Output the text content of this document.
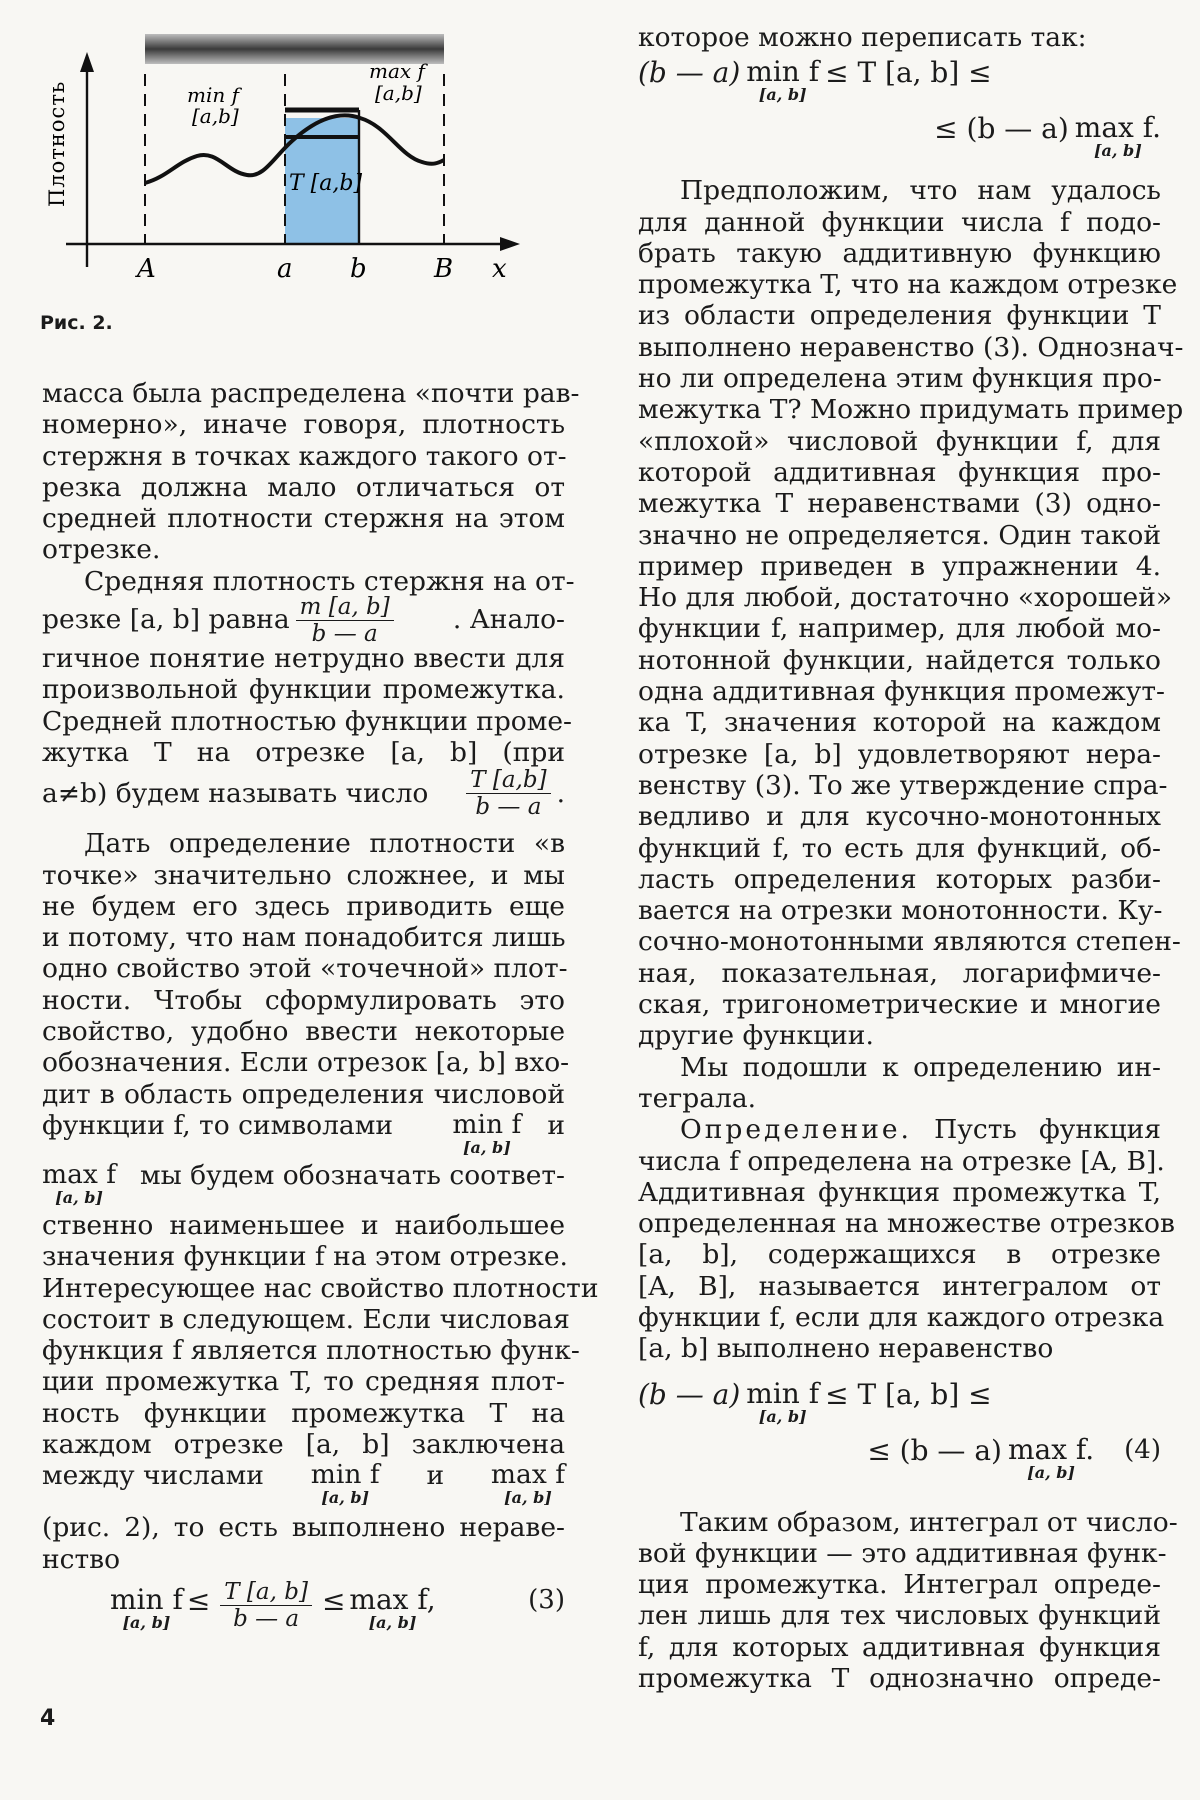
Плотность	min f
[a,b]
max f
[a,b]
T [a,b]
A	a b	B x
Рис. 2.
масса была распределена «почти рав-
номерно», иначе говоря, плотность
стержня в точках каждого такого от-
резка должна мало отличаться от
средней плотности стержня на этом
отрезке.
Средняя плотность стержня на от-
резке [a, b] равна $\frac{m [a, b]}{b — a}$ . Анало-
гичное понятие нетрудно ввести для
произвольной функции промежутка.
Средней плотностью функции проме-
жутка T на отрезке [a, b] (при
a≠b) будем называть число $\frac{T [a,b]}{b — a}$ .
Дать определение плотности «в
точке» значительно сложнее, и мы
не будем его здесь приводить еще
и потому, что нам понадобится лишь
одно свойство этой «точечной» плот-
ности. Чтобы сформулировать это
свойство, удобно ввести некоторые
обозначения. Если отрезок [a, b] вхо-
дит в область определения числовой
функции f, то символами min f
[a, b]
и
max f
[a, b]
мы будем обозначать соответ-
ственно наименьшее и наибольшее
значения функции f на этом отрезке.
Интересующее нас свойство плотности
состоит в следующем. Если числовая
функция f является плотностью функ-
ции промежутка T, то средняя плот-
ность функции промежутка T на
каждом отрезке [a, b] заключена
между числами min f
[a, b]
и max f
[a, b]
(рис. 2), то есть выполнено нераве-
нство
min f
[a, b]
≤ $\frac{T [a, b]}{b — a} \le \max f$,
[a, b]
(3)
которое можно переписать так:
(b — a) min f
[a, b]
≤ T [a, b] ≤
≤ (b — a) max f.
[a, b]
Предположим, что нам удалось
для данной функции числа f подо-
брать такую аддитивную функцию
промежутка T, что на каждом отрезке
из области определения функции T
выполнено неравенство (3). Однознач-
но ли определена этим функция про-
межутка T? Можно придумать пример
«плохой» числовой функции f, для
которой аддитивная функция про-
межутка T неравенствами (3) одно-
значно не определяется. Один такой
пример приведен в упражнении 4.
Но для любой, достаточно «хорошей»
функции f, например, для любой мо-
нотонной функции, найдется только
одна аддитивная функция промежут-
ка T, значения которой на каждом
отрезке [a, b] удовлетворяют нера-
венству (3). То же утверждение спра-
ведливо и для кусочно-монотонных
функций f, то есть для функций, об-
ласть определения которых разби-
вается на отрезки монотонности. Ку-
сочно-монотонными являются степен-
ная, показательная, логарифмиче-
ская, тригонометрические и многие
другие функции.
Мы подошли к определению ин-
теграла.
Определение. Пусть функция
числа f определена на отрезке [A, B].
Аддитивная функция промежутка T,
определенная на множестве отрезков
[a, b], содержащихся в отрезке
[A, B], называется интегралом от
функции f, если для каждого отрезка
[a, b] выполнено неравенство
(b — a) min f
[a, b]
≤ T [a, b] ≤
≤ (b — a) max f.
[a, b]
(4)
Таким образом, интеграл от число-
вой функции — это аддитивная функ-
ция промежутка. Интеграл опреде-
лен лишь для тех числовых функций
f, для которых аддитивная функция
промежутка T однозначно опреде-
4
